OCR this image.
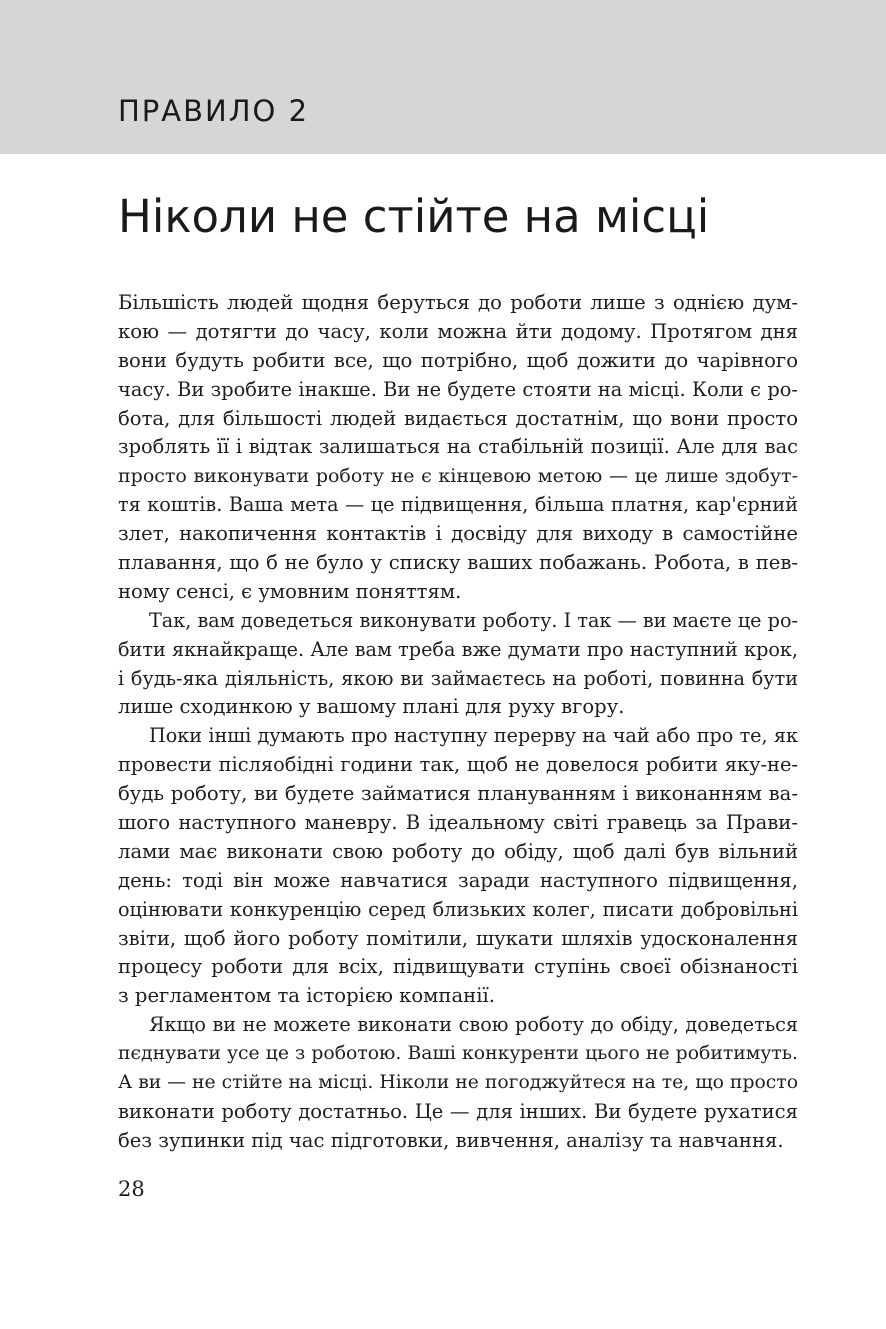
ПРАВИЛО 2
Ніколи не стійте на місці
Більшість людей щодня беруться до роботи лише з однією дум-
кою — дотягти до часу, коли можна йти додому. Протягом дня
вони будуть робити все, що потрібно, щоб дожити до чарівного
часу. Ви зробите інакше. Ви не будете стояти на місці. Коли є ро-
бота, для більшості людей видається достатнім, що вони просто
зроблять її і відтак залишаться на стабільній позиції. Але для вас
просто виконувати роботу не є кінцевою метою — це лише здобут-
тя коштів. Ваша мета — це підвищення, більша платня, кар'єрний
злет, накопичення контактів і досвіду для виходу в самостійне
плавання, що б не було у списку ваших побажань. Робота, в пев-
ному сенсі, є умовним поняттям.
Так, вам доведеться виконувати роботу. І так — ви маєте це ро-
бити якнайкраще. Але вам треба вже думати про наступний крок,
і будь-яка діяльність, якою ви займаєтесь на роботі, повинна бути
лише сходинкою у вашому плані для руху вгору.
Поки інші думають про наступну перерву на чай або про те, як
провести післяобідні години так, щоб не довелося робити яку-не-
будь роботу, ви будете займатися плануванням і виконанням ва-
шого наступного маневру. В ідеальному світі гравець за Прави-
лами має виконати свою роботу до обіду, щоб далі був вільний
день: тоді він може навчатися заради наступного підвищення,
оцінювати конкуренцію серед близьких колег, писати добровільні
звіти, щоб його роботу помітили, шукати шляхів удосконалення
процесу роботи для всіх, підвищувати ступінь своєї обізнаності
з регламентом та історією компанії.
Якщо ви не можете виконати свою роботу до обіду, доведеться
пєднувати усе це з роботою. Ваші конкуренти цього не робитимуть.
А ви — не стійте на місці. Ніколи не погоджуйтеся на те, що просто
виконати роботу достатньо. Це — для інших. Ви будете рухатися
без зупинки під час підготовки, вивчення, аналізу та навчання.
28
